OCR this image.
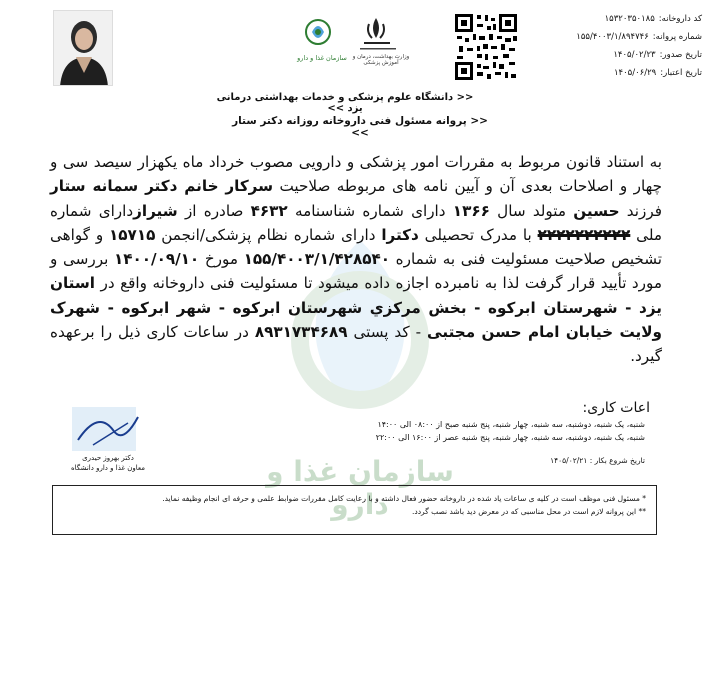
سازمان غذا و دارو	وزارت بهداشت، درمان و آموزش پزشکی
کد داروخانه:
۱۵۳۲۰۳۵۰۱۸۵
شماره پروانه:
۱۵۵/۴۰۰۳/۱/۸۹۴۷۴۶
تاریخ صدور:
۱۴۰۵/۰۲/۲۳
تاریخ اعتبار:
۱۴۰۵/۰۶/۲۹
<< دانشگاه علوم پزشکی و خدمات بهداشتی درمانی یزد >>
<< پروانه مسئول فنی داروخانه روزانه دکتر ستار >>
سازمان غذا و دارو
به استناد قانون مربوط به مقررات امور پزشکی و دارویی مصوب خرداد ماه یکهزار سیصد سی و چهار و اصلاحات بعدی آن و آیین نامه های مربوطه صلاحیت سرکار خانم دکتر سمانه ستار فرزند حسین متولد سال ۱۳۶۶ دارای شماره شناسنامه ۴۶۳۲ صادره از شیرازدارای شماره ملی ۲۲۲۲۲۲۲۲۲۲ با مدرک تحصیلی دکترا دارای شماره نظام پزشکی/انجمن ۱۵۷۱۵ و گواهی تشخیص صلاحیت مسئولیت فنی به شماره ۱۵۵/۴۰۰۳/۱/۴۲۸۵۴۰ مورخ ۱۴۰۰/۰۹/۱۰ بررسی و مورد تأیید قرار گرفت لذا به نامبرده اجازه داده میشود تا مسئولیت فنی داروخانه واقع در استان یزد - شهرستان ابرکوه - بخش مرکزي شهرستان ابرکوه - شهر ابرکوه - شهرک ولایت خیابان امام حسن مجتبی - کد پستی ۸۹۳۱۷۳۴۶۸۹ در ساعات کاری ذیل را برعهده گیرد.
اعات کاری:
شنبه، یک شنبه، دوشنبه، سه شنبه، چهار شنبه، پنج شنبه صبح از ۰۸:۰۰ الی ۱۴:۰۰
شنبه، یک شنبه، دوشنبه، سه شنبه، چهار شنبه، پنج شنبه عصر از ۱۶:۰۰ الی ۲۲:۰۰
تاریخ شروع بکار : ۱۴۰۵/۰۲/۲۱
دکتر بهروز حیدری
معاون غذا و دارو دانشگاه
* مسئول فنی موظف است در کلیه ی ساعات یاد شده در داروخانه حضور فعال داشته و با رعایت کامل مقررات ضوابط علمی و حرفه ای انجام وظیفه نماید.
** این پروانه لازم است در محل مناسبی که در معرض دید باشد نصب گردد.
